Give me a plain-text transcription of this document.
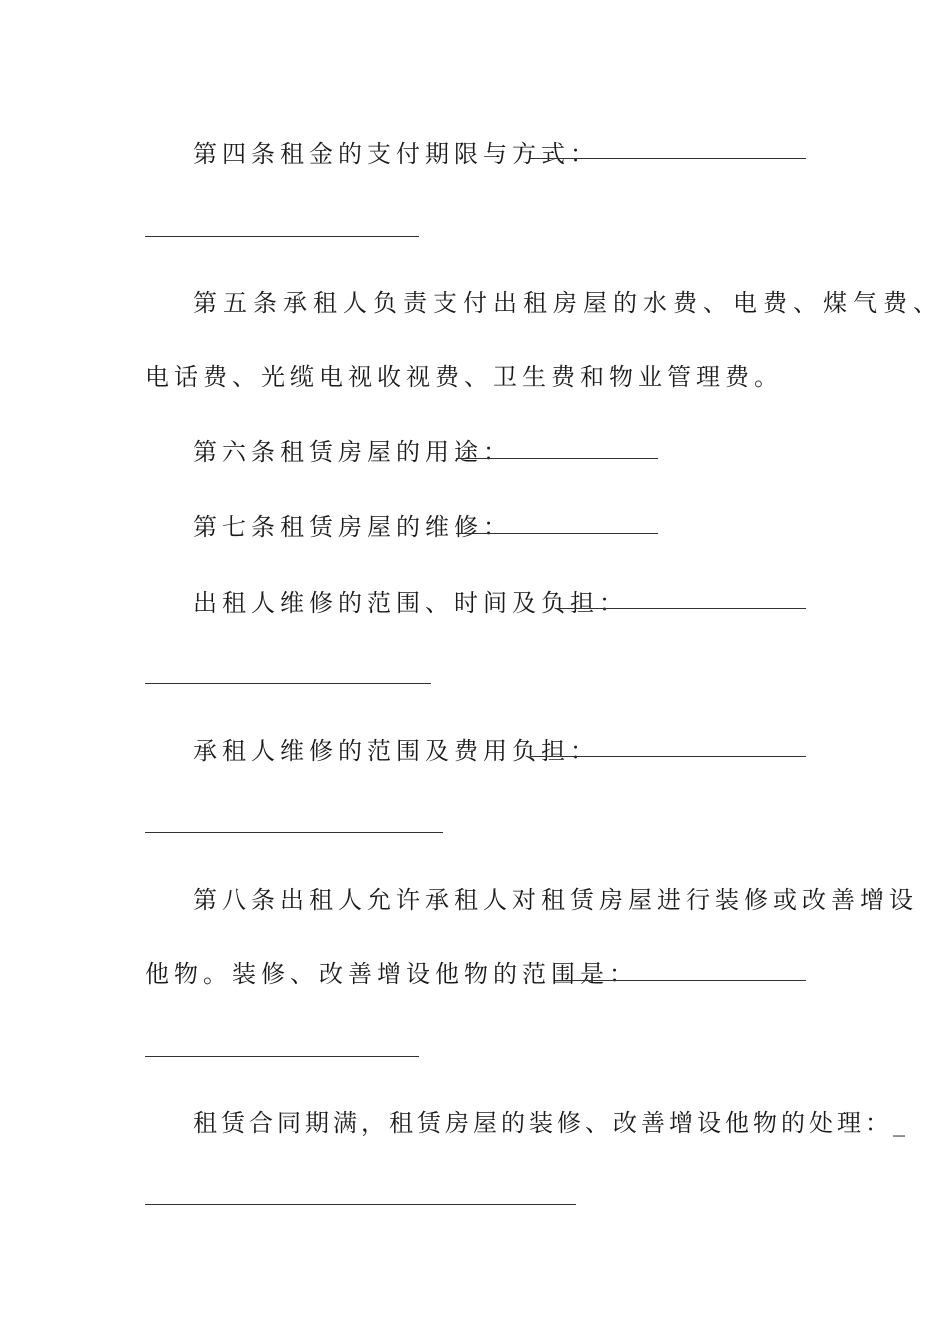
第四条租金的支付期限与方式：
第五条承租人负责支付出租房屋的水费、电费、煤气费、
电话费、光缆电视收视费、卫生费和物业管理费。
第六条租赁房屋的用途：
第七条租赁房屋的维修：
出租人维修的范围、时间及负担：
承租人维修的范围及费用负担：
第八条出租人允许承租人对租赁房屋进行装修或改善增设
他物。装修、改善增设他物的范围是：
租赁合同期满，租赁房屋的装修、改善增设他物的处理：_
